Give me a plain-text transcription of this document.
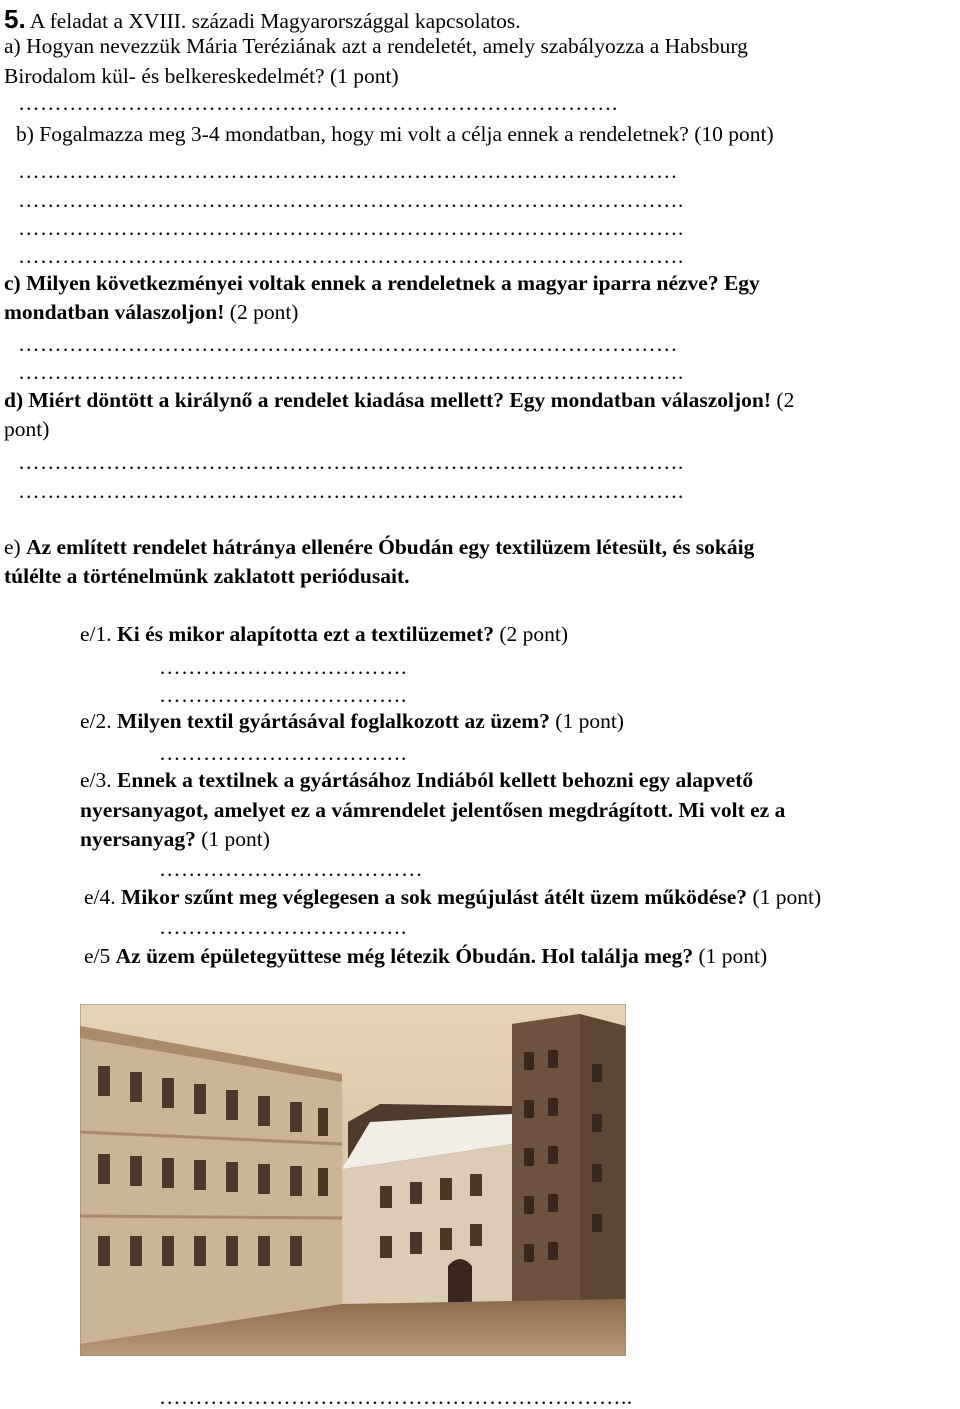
5. A feladat a XVIII. századi Magyarországgal kapcsolatos.
a) Hogyan nevezzük Mária Teréziának azt a rendeletét, amely szabályozza a Habsburg
Birodalom kül- és belkereskedelmét? (1 pont)
……………………………………………………………………….
b) Fogalmazza meg 3-4 mondatban, hogy mi volt a célja ennek a rendeletnek? (10 pont)
………………………………………………………………………………
……………………………………………………………………………….
……………………………………………………………………………….
……………………………………………………………………………….
c) Milyen következményei voltak ennek a rendeletnek a magyar iparra nézve? Egy
mondatban válaszoljon! (2 pont)
………………………………………………………………………………
……………………………………………………………………………….
d) Miért döntött a királynő a rendelet kiadása mellett? Egy mondatban válaszoljon! (2
pont)
……………………………………………………………………………….
……………………………………………………………………………….
e) Az említett rendelet hátránya ellenére Óbudán egy textilüzem létesült, és sokáig
túlélte a történelmünk zaklatott periódusait.
e/1. Ki és mikor alapította ezt a textilüzemet? (2 pont)
…………………………….
…………………………….
e/2. Milyen textil gyártásával foglalkozott az üzem? (1 pont)
…………………………….
e/3. Ennek a textilnek a gyártásához Indiából kellett behozni egy alapvető
nyersanyagot, amelyet ez a vámrendelet jelentősen megdrágított. Mi volt ez a
nyersanyag? (1 pont)
………………………………
e/4. Mikor szűnt meg véglegesen a sok megújulást átélt üzem működése? (1 pont)
…………………………….
e/5 Az üzem épületegyüttese még létezik Óbudán. Hol találja meg? (1 pont)
………………………………………………………..
